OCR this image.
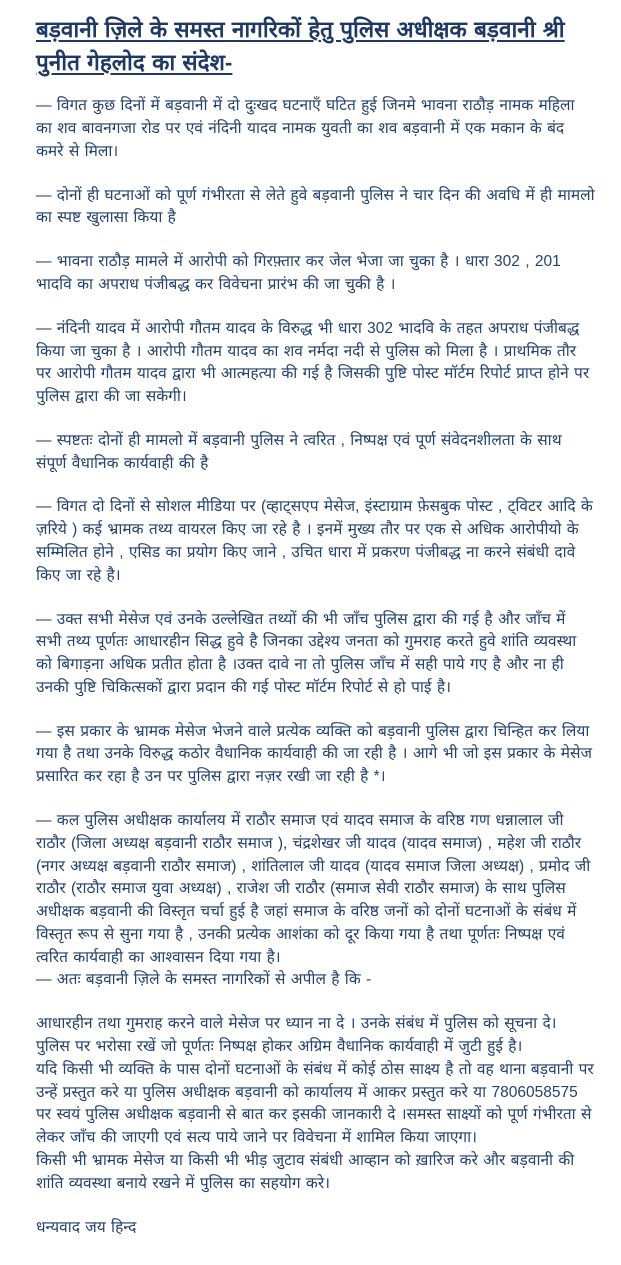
बड़वानी ज़िले के समस्त नागरिकों हेतु पुलिस अधीक्षक बड़वानी श्री पुनीत गेहलोद का संदेश-

— विगत कुछ दिनों में बड़वानी में दो दुःखद घटनाएँ घटित हुई जिनमे भावना राठौड़ नामक महिला का शव बावनगजा रोड पर एवं नंदिनी यादव नामक युवती का शव बड़वानी में एक मकान के बंद कमरे से मिला।

— दोनों ही घटनाओं को पूर्ण गंभीरता से लेते हुवे बड़वानी पुलिस ने चार दिन की अवधि में ही मामलो का स्पष्ट खुलासा किया है

— भावना राठौड़ मामले में आरोपी को गिरफ़्तार कर जेल भेजा जा चुका है । धारा 302 , 201 भादवि का अपराध पंजीबद्ध कर विवेचना प्रारंभ की जा चुकी है ।

— नंदिनी यादव में आरोपी गौतम यादव के विरुद्ध भी धारा 302 भादवि के तहत अपराध पंजीबद्ध किया जा चुका है । आरोपी गौतम यादव का शव नर्मदा नदी से पुलिस को मिला है । प्राथमिक तौर पर आरोपी गौतम यादव द्वारा भी आत्महत्या की गई है जिसकी पुष्टि पोस्ट मॉर्टम रिपोर्ट प्राप्त होने पर पुलिस द्वारा की जा सकेगी।

— स्पष्टतः दोनों ही मामलो में बड़वानी पुलिस ने त्वरित , निष्पक्ष एवं पूर्ण संवेदनशीलता के साथ संपूर्ण वैधानिक कार्यवाही की है

— विगत दो दिनों से सोशल मीडिया पर (व्हाट्सएप मेसेज, इंस्टाग्राम फ़ेसबुक पोस्ट , ट्विटर आदि के ज़रिये ) कई भ्रामक तथ्य वायरल किए जा रहे है । इनमें मुख्य तौर पर एक से अधिक आरोपीयो के सम्मिलित होने , एसिड का प्रयोग किए जाने , उचित धारा में प्रकरण पंजीबद्ध ना करने संबंधी दावे किए जा रहे है।

— उक्त सभी मेसेज एवं उनके उल्लेखित तथ्यों की भी जाँच पुलिस द्वारा की गई है और जाँच में सभी तथ्य पूर्णतः आधारहीन सिद्ध हुवे है जिनका उद्देश्य जनता को गुमराह करते हुवे शांति व्यवस्था को बिगाड़ना अधिक प्रतीत होता है ।उक्त दावे ना तो पुलिस जाँच में सही पाये गए है और ना ही उनकी पुष्टि चिकित्सकों द्वारा प्रदान की गई पोस्ट मॉर्टम रिपोर्ट से हो पाई है।

— इस प्रकार के भ्रामक मेसेज भेजने वाले प्रत्येक व्यक्ति को बड़वानी पुलिस द्वारा चिन्हित कर लिया गया है तथा उनके विरुद्ध कठोर वैधानिक कार्यवाही की जा रही है । आगे भी जो इस प्रकार के मेसेज प्रसारित कर रहा है उन पर पुलिस द्वारा नज़र रखी जा रही है *।

— कल पुलिस अधीक्षक कार्यालय में राठौर समाज एवं यादव समाज के वरिष्ठ गण धन्नालाल जी राठौर (जिला अध्यक्ष बड़वानी राठौर समाज ), चंद्रशेखर जी यादव (यादव समाज) , महेश जी राठौर (नगर अध्यक्ष बड़वानी राठौर समाज) , शांतिलाल जी यादव (यादव समाज जिला अध्यक्ष) , प्रमोद जी राठौर (राठौर समाज युवा अध्यक्ष) , राजेश जी राठौर (समाज सेवी राठौर समाज) के साथ पुलिस अधीक्षक बड़वानी की विस्तृत चर्चा हुई है जहां समाज के वरिष्ठ जनों को दोनों घटनाओं के संबंध में विस्तृत रूप से सुना गया है , उनकी प्रत्येक आशंका को दूर किया गया है तथा पूर्णतः निष्पक्ष एवं त्वरित कार्यवाही का आश्वासन दिया गया है।

— अतः बड़वानी ज़िले के समस्त नागरिकों से अपील है कि -

आधारहीन तथा गुमराह करने वाले मेसेज पर ध्यान ना दे । उनके संबंध में पुलिस को सूचना दे।

पुलिस पर भरोसा रखें जो पूर्णतः निष्पक्ष होकर अग्रिम वैधानिक कार्यवाही में जुटी हुई है।

यदि किसी भी व्यक्ति के पास दोनों घटनाओं के संबंध में कोई ठोस साक्ष्य है तो वह थाना बड़वानी पर उन्हें प्रस्तुत करे या पुलिस अधीक्षक बड़वानी को कार्यालय में आकर प्रस्तुत करे या 7806058575 पर स्वयं पुलिस अधीक्षक बड़वानी से बात कर इसकी जानकारी दे ।समस्त साक्ष्यों को पूर्ण गंभीरता से लेकर जाँच की जाएगी एवं सत्य पाये जाने पर विवेचना में शामिल किया जाएगा।

किसी भी भ्रामक मेसेज या किसी भी भीड़ जुटाव संबंधी आव्हान को ख़ारिज करे और बड़वानी की शांति व्यवस्था बनाये रखने में पुलिस का सहयोग करे।

धन्यवाद जय हिन्द
